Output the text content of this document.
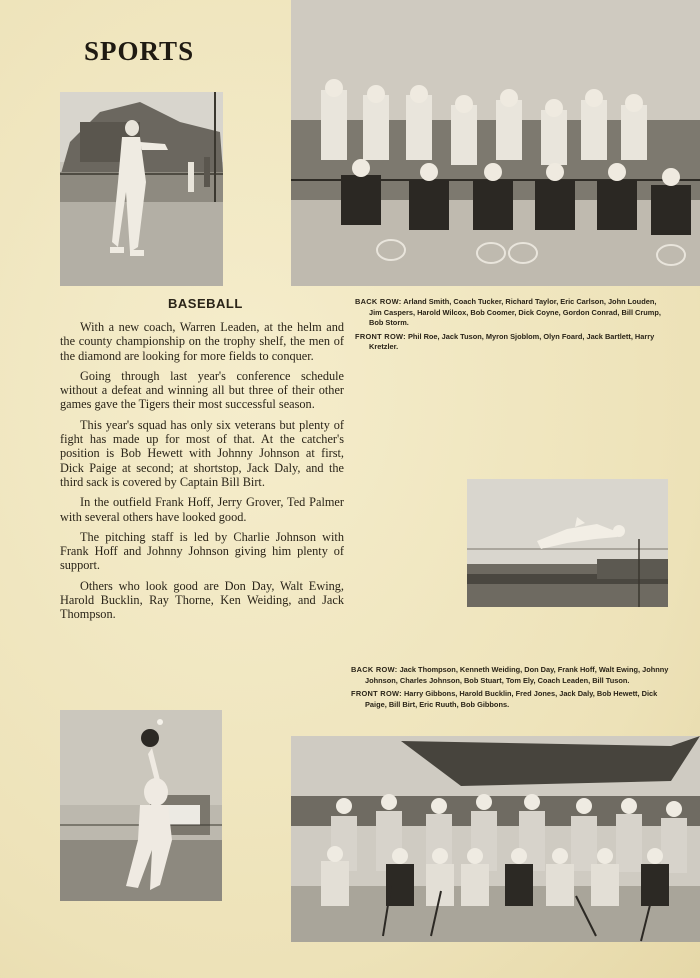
SPORTS
BACK ROW: Arland Smith, Coach Tucker, Richard Taylor, Eric Carlson, John Louden, Jim Caspers, Harold Wilcox, Bob Coomer, Dick Coyne, Gordon Conrad, Bill Crump, Bob Storm.
FRONT ROW: Phil Roe, Jack Tuson, Myron Sjoblom, Olyn Foard, Jack Bartlett, Harry Kretzler.
BASEBALL

With a new coach, Warren Leaden, at the helm and the county championship on the trophy shelf, the men of the diamond are looking for more fields to conquer.

Going through last year's conference schedule without a defeat and winning all but three of their other games gave the Tigers their most successful season.

This year's squad has only six veterans but plenty of fight has made up for most of that. At the catcher's position is Bob Hewett with Johnny Johnson at first, Dick Paige at second; at shortstop, Jack Daly, and the third sack is covered by Captain Bill Birt.

In the outfield Frank Hoff, Jerry Grover, Ted Palmer with several others have looked good.

The pitching staff is led by Charlie Johnson with Frank Hoff and Johnny Johnson giving him plenty of support.

Others who look good are Don Day, Walt Ewing, Harold Bucklin, Ray Thorne, Ken Weiding, and Jack Thompson.

BACK ROW: Jack Thompson, Kenneth Weiding, Don Day, Frank Hoff, Walt Ewing, Johnny Johnson, Charles Johnson, Bob Stuart, Tom Ely, Coach Leaden, Bill Tuson.
FRONT ROW: Harry Gibbons, Harold Bucklin, Fred Jones, Jack Daly, Bob Hewett, Dick Paige, Bill Birt, Eric Ruuth, Bob Gibbons.
